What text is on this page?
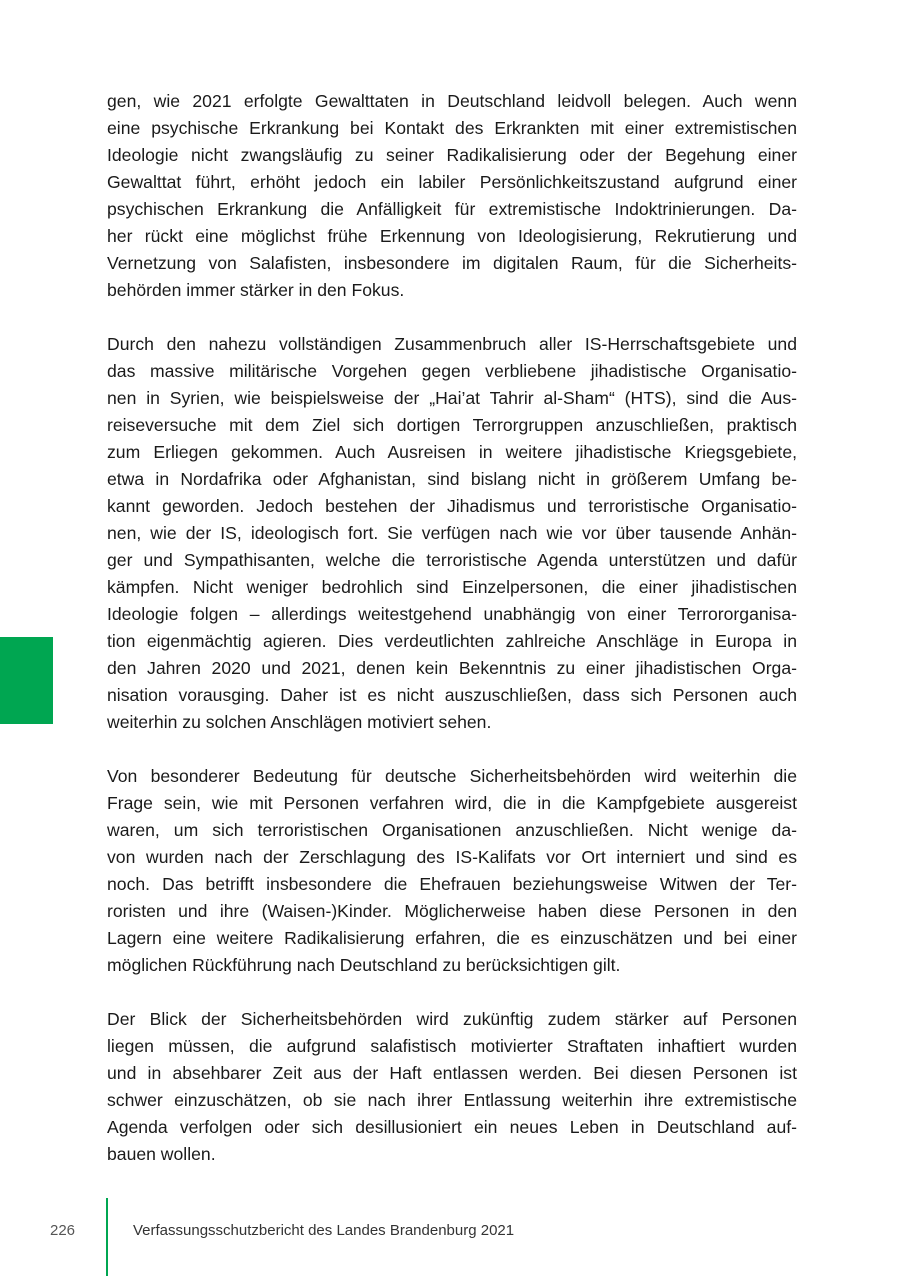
gen, wie 2021 erfolgte Gewalttaten in Deutschland leidvoll belegen. Auch wenn
eine psychische Erkrankung bei Kontakt des Erkrankten mit einer extremistischen
Ideologie nicht zwangsläufig zu seiner Radikalisierung oder der Begehung einer
Gewalttat führt, erhöht jedoch ein labiler Persönlichkeitszustand aufgrund einer
psychischen Erkrankung die Anfälligkeit für extremistische Indoktrinierungen. Da-
her rückt eine möglichst frühe Erkennung von Ideologisierung, Rekrutierung und
Vernetzung von Salafisten, insbesondere im digitalen Raum, für die Sicherheits-
behörden immer stärker in den Fokus.

Durch den nahezu vollständigen Zusammenbruch aller IS-Herrschaftsgebiete und
das massive militärische Vorgehen gegen verbliebene jihadistische Organisatio-
nen in Syrien, wie beispielsweise der „Hai’at Tahrir al-Sham“ (HTS), sind die Aus-
reiseversuche mit dem Ziel sich dortigen Terrorgruppen anzuschließen, praktisch
zum Erliegen gekommen. Auch Ausreisen in weitere jihadistische Kriegsgebiete,
etwa in Nordafrika oder Afghanistan, sind bislang nicht in größerem Umfang be-
kannt geworden. Jedoch bestehen der Jihadismus und terroristische Organisatio-
nen, wie der IS, ideologisch fort. Sie verfügen nach wie vor über tausende Anhän-
ger und Sympathisanten, welche die terroristische Agenda unterstützen und dafür
kämpfen. Nicht weniger bedrohlich sind Einzelpersonen, die einer jihadistischen
Ideologie folgen – allerdings weitestgehend unabhängig von einer Terrororganisa-
tion eigenmächtig agieren. Dies verdeutlichten zahlreiche Anschläge in Europa in
den Jahren 2020 und 2021, denen kein Bekenntnis zu einer jihadistischen Orga-
nisation vorausging. Daher ist es nicht auszuschließen, dass sich Personen auch
weiterhin zu solchen Anschlägen motiviert sehen.

Von besonderer Bedeutung für deutsche Sicherheitsbehörden wird weiterhin die
Frage sein, wie mit Personen verfahren wird, die in die Kampfgebiete ausgereist
waren, um sich terroristischen Organisationen anzuschließen. Nicht wenige da-
von wurden nach der Zerschlagung des IS-Kalifats vor Ort interniert und sind es
noch. Das betrifft insbesondere die Ehefrauen beziehungsweise Witwen der Ter-
roristen und ihre (Waisen-)Kinder. Möglicherweise haben diese Personen in den
Lagern eine weitere Radikalisierung erfahren, die es einzuschätzen und bei einer
möglichen Rückführung nach Deutschland zu berücksichtigen gilt.

Der Blick der Sicherheitsbehörden wird zukünftig zudem stärker auf Personen
liegen müssen, die aufgrund salafistisch motivierter Straftaten inhaftiert wurden
und in absehbarer Zeit aus der Haft entlassen werden. Bei diesen Personen ist
schwer einzuschätzen, ob sie nach ihrer Entlassung weiterhin ihre extremistische
Agenda verfolgen oder sich desillusioniert ein neues Leben in Deutschland auf-
bauen wollen.

226	Verfassungsschutzbericht des Landes Brandenburg 2021
